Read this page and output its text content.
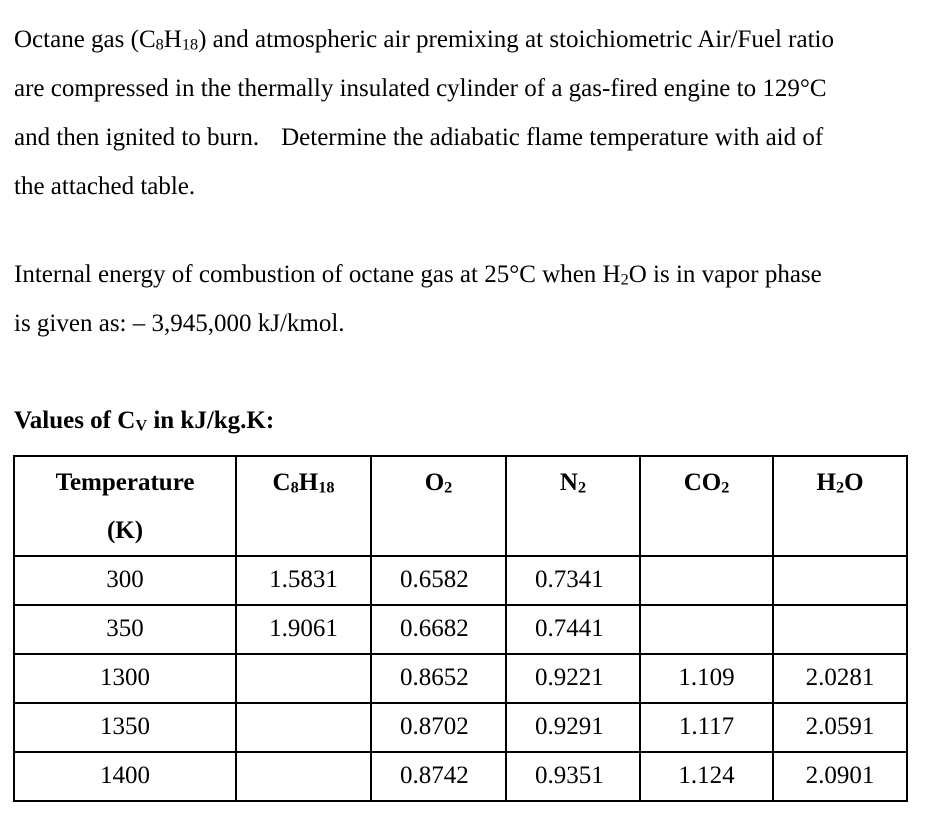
Octane gas $(C_8H_{18})$ and atmospheric air premixing at stoichiometric Air/Fuel ratio
are compressed in the thermally insulated cylinder of a gas-fired engine to 129°C
and then ignited to burn. Determine the adiabatic flame temperature with aid of
the attached table.

Internal energy of combustion of octane gas at 25°C when $H_2O$ is in vapor phase
is given as: – 3,945,000 kJ/kmol.

Values of $C_V$ in kJ/kg.K:

Temperature
(K)	$C_8H_{18}$	$O_2$	$N_2$	$CO_2$	$H_2O$
300	1.5831	0.6582	0.7341		
350	1.9061	0.6682	0.7441		
1300		0.8652	0.9221	1.109	2.0281
1350		0.8702	0.9291	1.117	2.0591
1400		0.8742	0.9351	1.124	2.0901
